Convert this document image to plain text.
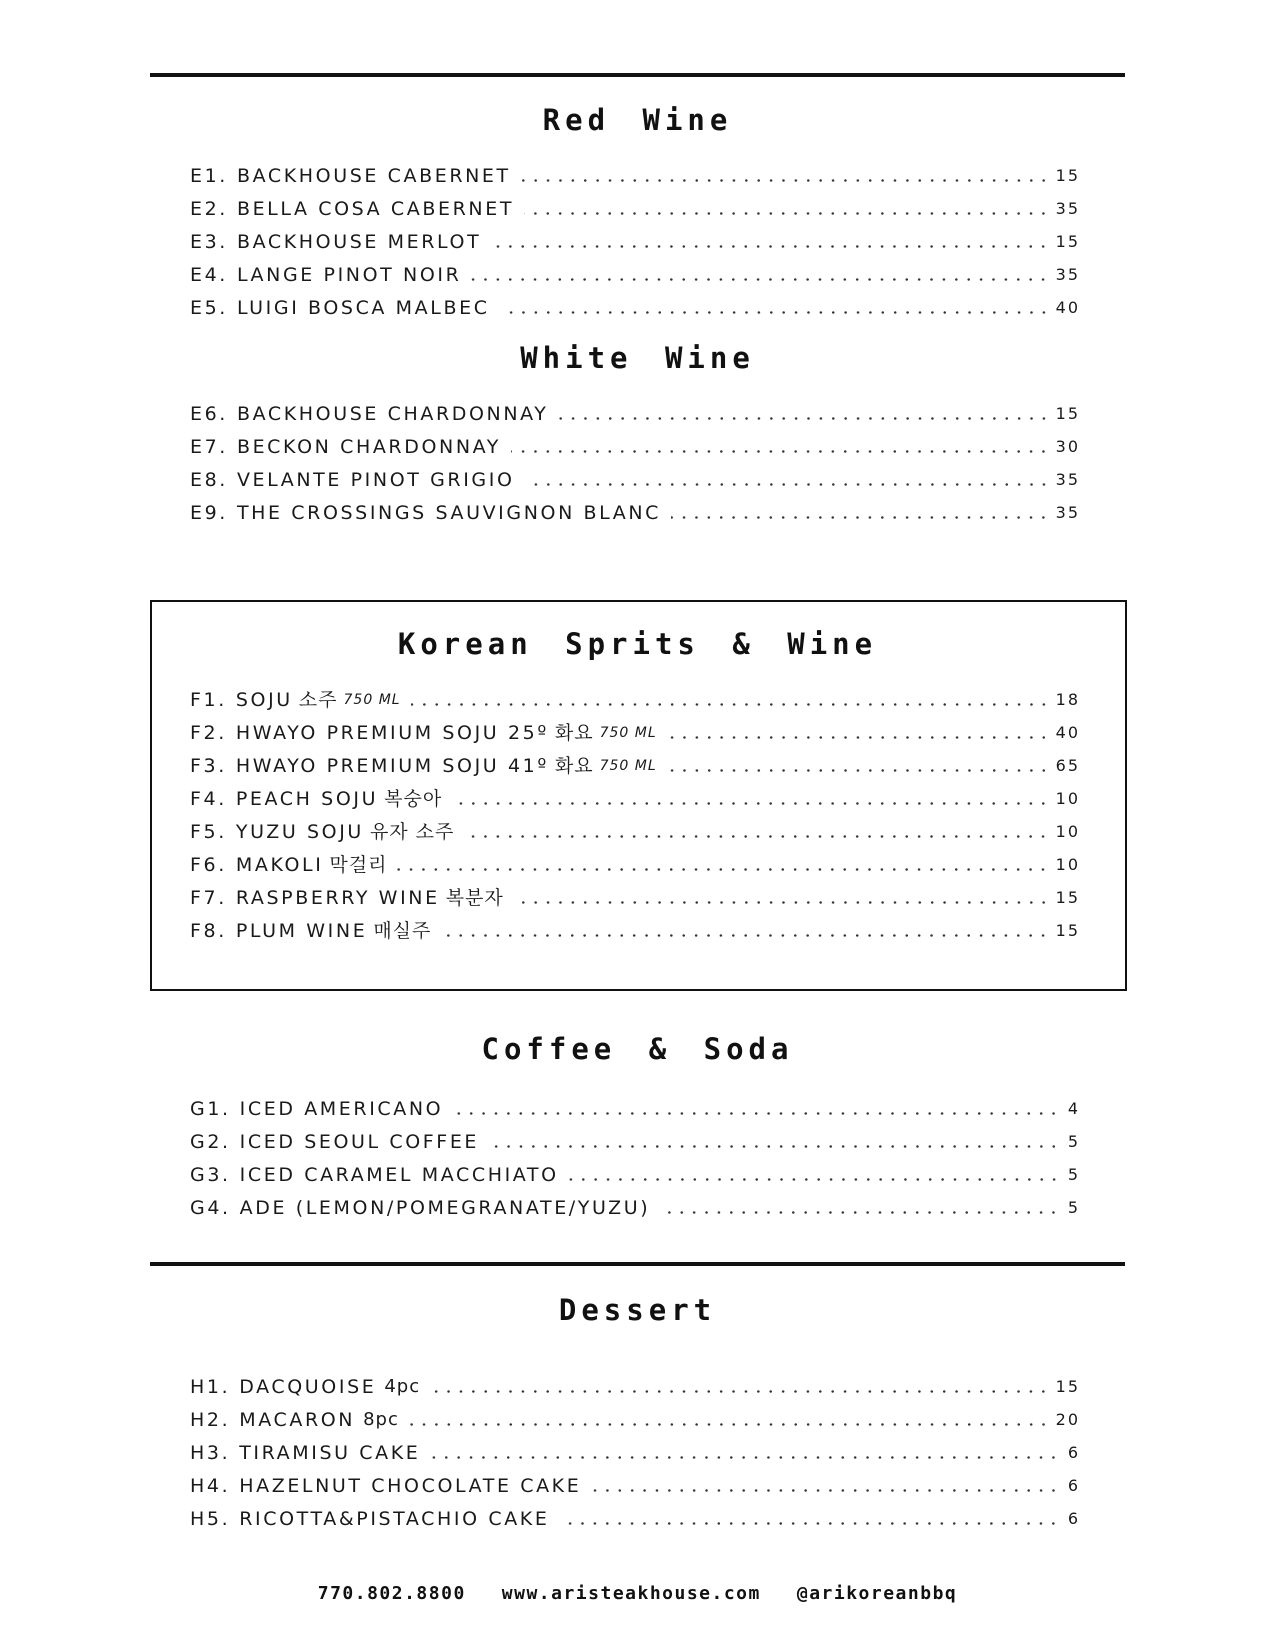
Red Wine
E1. BACKHOUSE CABERNET	15
E2. BELLA COSA CABERNET	35
E3. BACKHOUSE MERLOT	15
E4. LANGE PINOT NOIR	35
E5. LUIGI BOSCA MALBEC	40
White Wine
E6. BACKHOUSE CHARDONNAY	15
E7. BECKON CHARDONNAY	30
E8. VELANTE PINOT GRIGIO	35
E9. THE CROSSINGS SAUVIGNON BLANC	35
Korean Sprits & Wine
F1. SOJU 소주 750 ML	18
F2. HWAYO PREMIUM SOJU 25º 화요 750 ML	40
F3. HWAYO PREMIUM SOJU 41º 화요 750 ML	65
F4. PEACH SOJU 복숭아	10
F5. YUZU SOJU 유자 소주	10
F6. MAKOLI 막걸리	10
F7. RASPBERRY WINE 복분자	15
F8. PLUM WINE 매실주	15
Coffee & Soda
G1. ICED AMERICANO	4
G2. ICED SEOUL COFFEE	5
G3. ICED CARAMEL MACCHIATO	5
G4. ADE (LEMON/POMEGRANATE/YUZU)	5
Dessert
H1. DACQUOISE 4pc	15
H2. MACARON 8pc	20
H3. TIRAMISU CAKE	6
H4. HAZELNUT CHOCOLATE CAKE	6
H5. RICOTTA&PISTACHIO CAKE	6
770.802.8800 www.aristeakhouse.com @arikoreanbbq
